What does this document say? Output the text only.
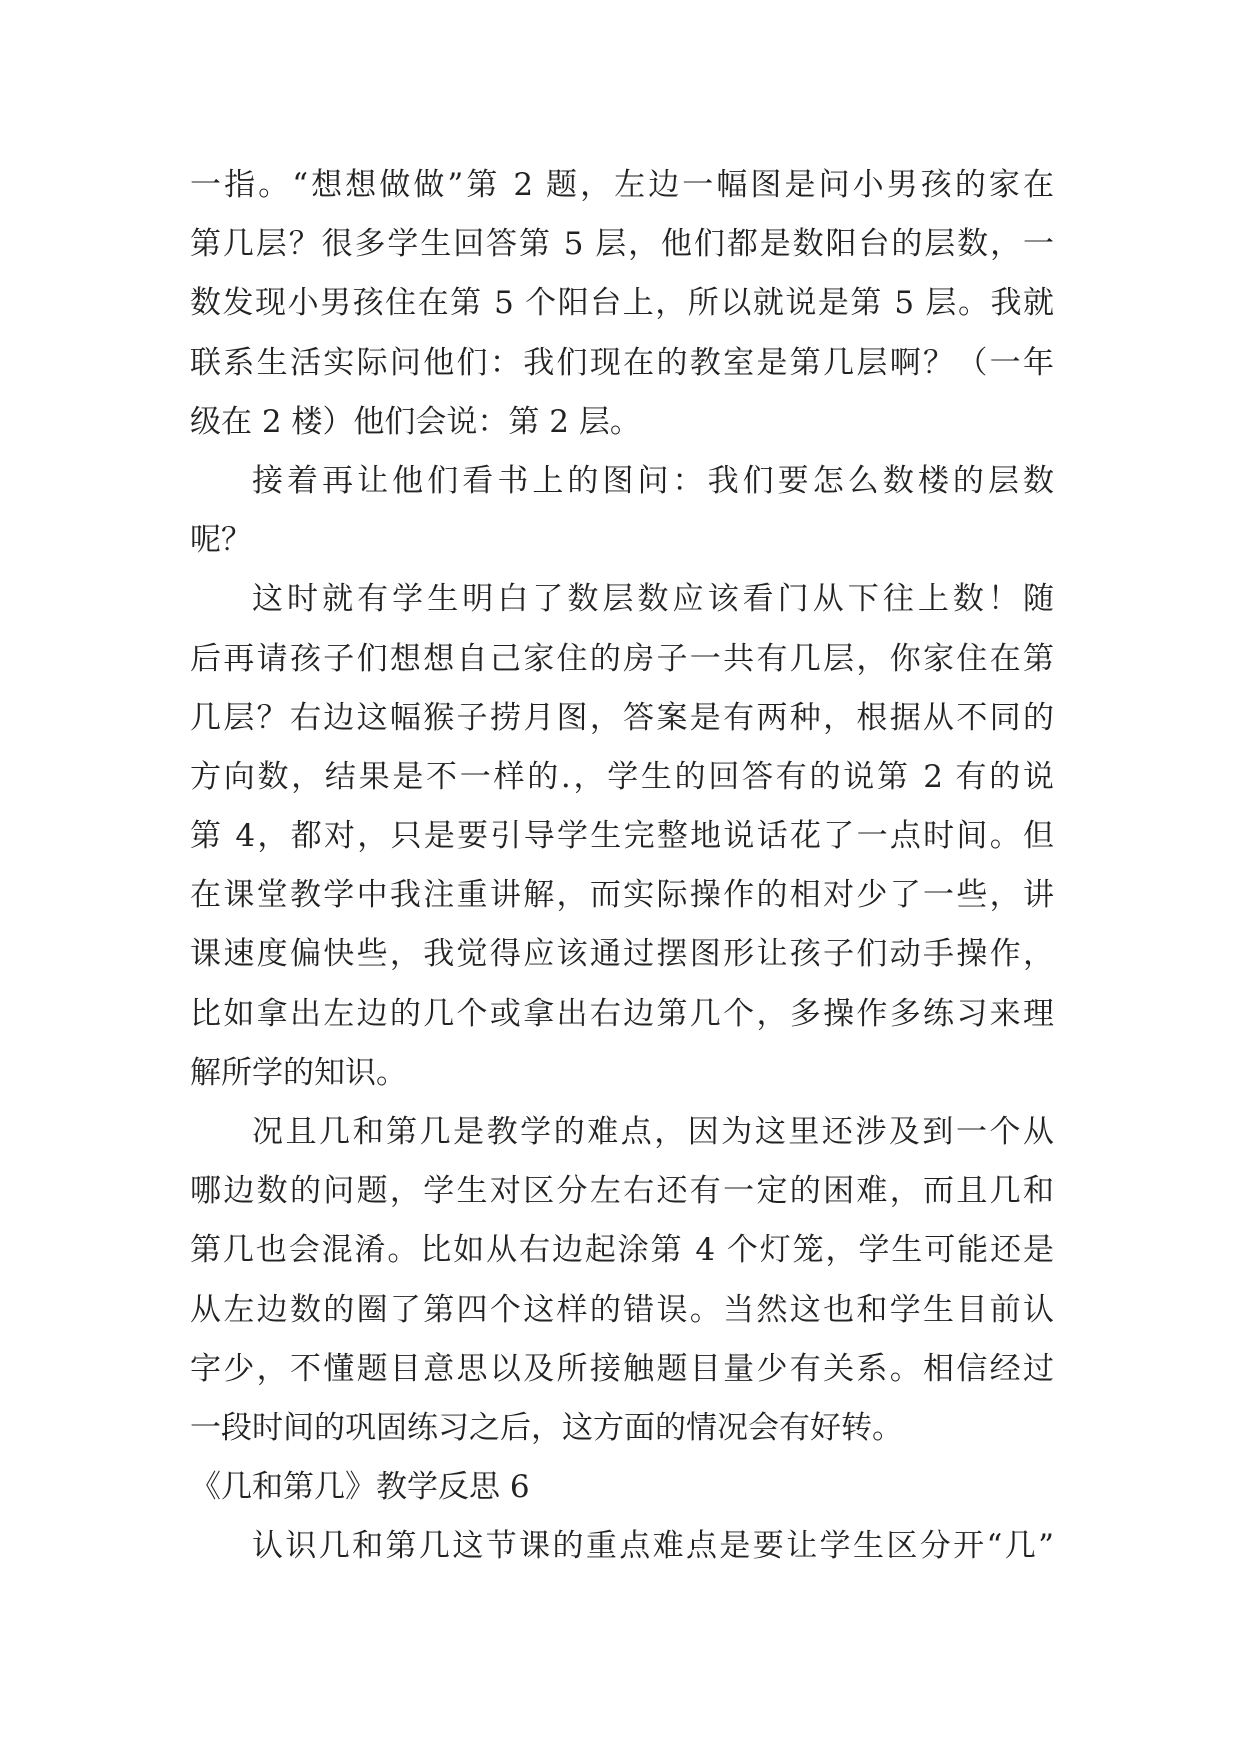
一指。“想想做做”第 2 题，左边一幅图是问小男孩的家在
第几层？很多学生回答第 5 层，他们都是数阳台的层数，一
数发现小男孩住在第 5 个阳台上，所以就说是第 5 层。我就
联系生活实际问他们：我们现在的教室是第几层啊？（一年
级在 2 楼）他们会说：第 2 层。
接着再让他们看书上的图问：我们要怎么数楼的层数
呢？
这时就有学生明白了数层数应该看门从下往上数！随
后再请孩子们想想自己家住的房子一共有几层，你家住在第
几层？右边这幅猴子捞月图，答案是有两种，根据从不同的
方向数，结果是不一样的.，学生的回答有的说第 2 有的说
第 4，都对，只是要引导学生完整地说话花了一点时间。但
在课堂教学中我注重讲解，而实际操作的相对少了一些，讲
课速度偏快些，我觉得应该通过摆图形让孩子们动手操作，
比如拿出左边的几个或拿出右边第几个，多操作多练习来理
解所学的知识。
况且几和第几是教学的难点，因为这里还涉及到一个从
哪边数的问题，学生对区分左右还有一定的困难，而且几和
第几也会混淆。比如从右边起涂第 4 个灯笼，学生可能还是
从左边数的圈了第四个这样的错误。当然这也和学生目前认
字少，不懂题目意思以及所接触题目量少有关系。相信经过
一段时间的巩固练习之后，这方面的情况会有好转。
《几和第几》教学反思 6
认识几和第几这节课的重点难点是要让学生区分开“几”
